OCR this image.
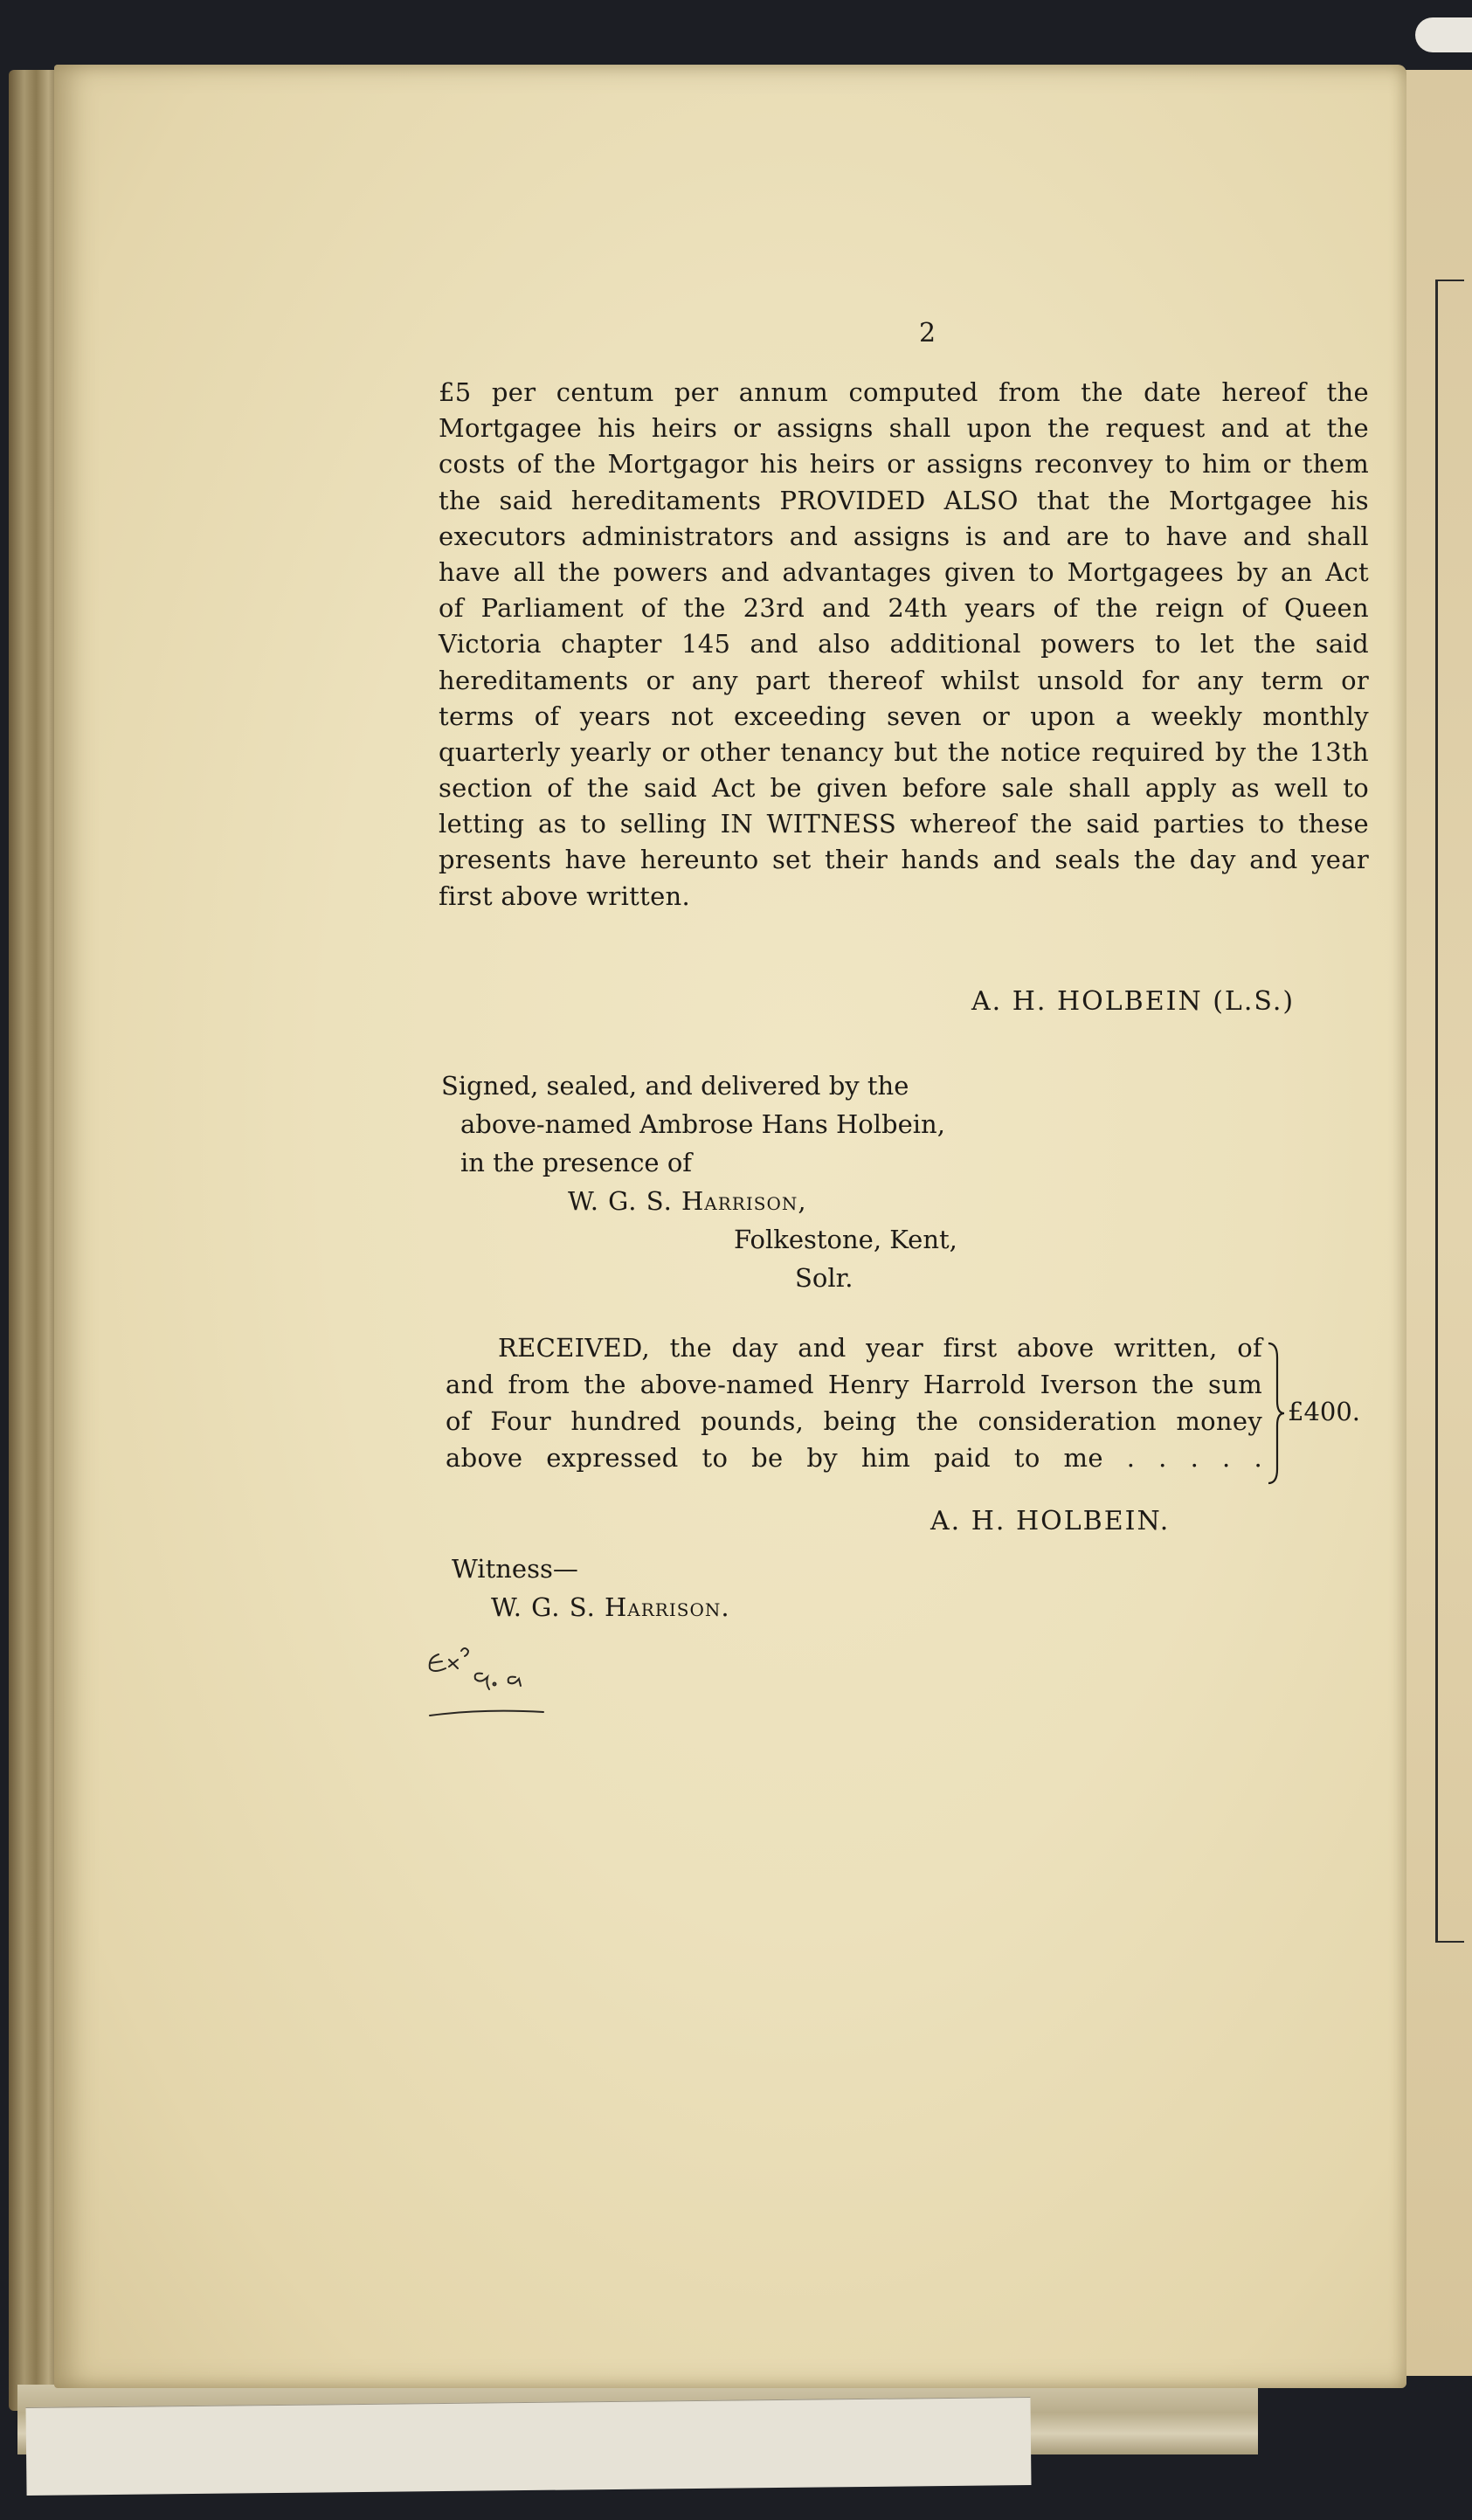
2
£5 per centum per annum computed from the date hereof the
Mortgagee his heirs or assigns shall upon the request and at the
costs of the Mortgagor his heirs or assigns reconvey to him or them
the said hereditaments PROVIDED ALSO that the Mortgagee his
executors administrators and assigns is and are to have and shall
have all the powers and advantages given to Mortgagees by an Act
of Parliament of the 23rd and 24th years of the reign of Queen
Victoria chapter 145 and also additional powers to let the said
hereditaments or any part thereof whilst unsold for any term or
terms of years not exceeding seven or upon a weekly monthly
quarterly yearly or other tenancy but the notice required by the 13th
section of the said Act be given before sale shall apply as well to
letting as to selling IN WITNESS whereof the said parties to these
presents have hereunto set their hands and seals the day and year
first above written.
A. H. HOLBEIN (L.S.)
Signed, sealed, and delivered by the
above-named Ambrose Hans Holbein,
in the presence of
W. G. S. Harrison,
Folkestone, Kent,
Solr.
RECEIVED, the day and year first above written, of
and from the above-named Henry Harrold Iverson the sum
of Four hundred pounds, being the consideration money
above expressed to be by him paid to me . . . . .
£400.
A. H. HOLBEIN.
Witness—
W. G. S. Harrison.
